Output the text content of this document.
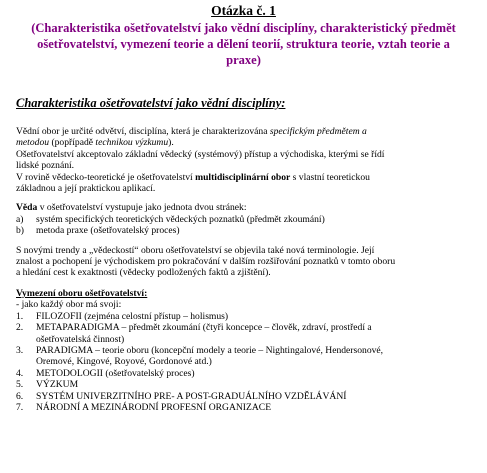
Otázka č. 1
(Charakteristika ošetřovatelství jako vědní disciplíny, charakteristický předmět
ošetřovatelství, vymezení teorie a dělení teorií, struktura teorie, vztah teorie a
praxe)
Charakteristika ošetřovatelství jako vědní disciplíny:
Vědní obor je určité odvětví, disciplína, která je charakterizována specifickým předmětem a
metodou (popřípadě technikou výzkumu).
Ošetřovatelství akceptovalo základní vědecký (systémový) přístup a východiska, kterými se řídí
lidské poznání.
V rovině vědecko-teoretické je ošetřovatelství multidisciplinární obor s vlastní teoretickou
základnou a její praktickou aplikací.
Věda v ošetřovatelství vystupuje jako jednota dvou stránek:
a) systém specifických teoretických vědeckých poznatků (předmět zkoumání)
b) metoda praxe (ošetřovatelský proces)
S novými trendy a „vědeckostí“ oboru ošetřovatelství se objevila také nová terminologie. Její
znalost a pochopení je východiskem pro pokračování v dalším rozšiřování poznatků v tomto oboru
a hledání cest k exaktnosti (vědecky podložených faktů a zjištění).
Vymezení oboru ošetřovatelství:
- jako každý obor má svoji:
1. FILOZOFII (zejména celostní přístup – holismus)
2. METAPARADIGMA – předmět zkoumání (čtyři koncepce – člověk, zdraví, prostředí a
ošetřovatelská činnost)
3. PARADIGMA – teorie oboru (koncepční modely a teorie – Nightingalové, Hendersonové,
Oremové, Kingové, Royové, Gordonové atd.)
4. METODOLOGII (ošetřovatelský proces)
5. VÝZKUM
6. SYSTÉM UNIVERZITNÍHO PRE- A POST-GRADUÁLNÍHO VZDĚLÁVÁNÍ
7. NÁRODNÍ A MEZINÁRODNÍ PROFESNÍ ORGANIZACE
